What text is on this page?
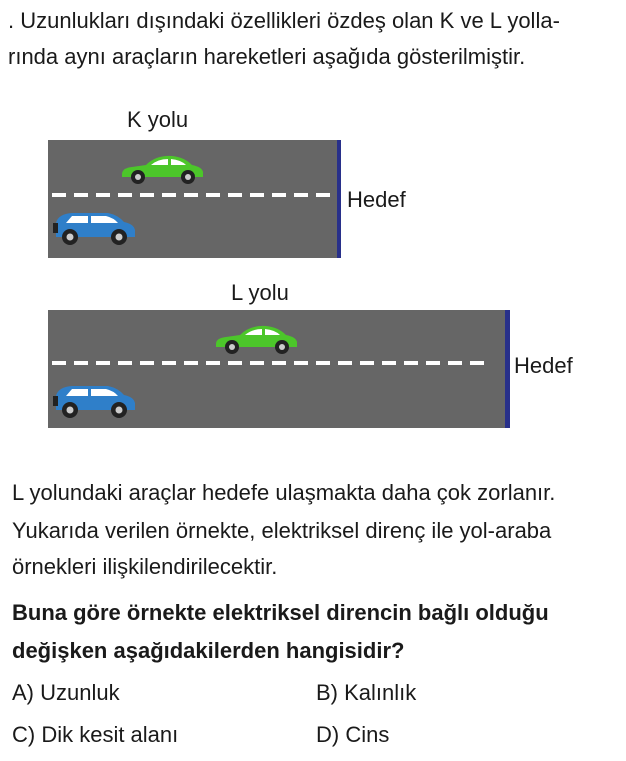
. Uzunlukları dışındaki özellikleri özdeş olan K ve L yolla-
rında aynı araçların hareketleri aşağıda gösterilmiştir.
K yolu
Hedef
L yolu
Hedef
L yolundaki araçlar hedefe ulaşmakta daha çok zorlanır.
Yukarıda verilen örnekte, elektriksel direnç ile yol-araba
örnekleri ilişkilendirilecektir.
Buna göre örnekte elektriksel direncin bağlı olduğu
değişken aşağıdakilerden hangisidir?
A) Uzunluk	B) Kalınlık
C) Dik kesit alanı	D) Cins
